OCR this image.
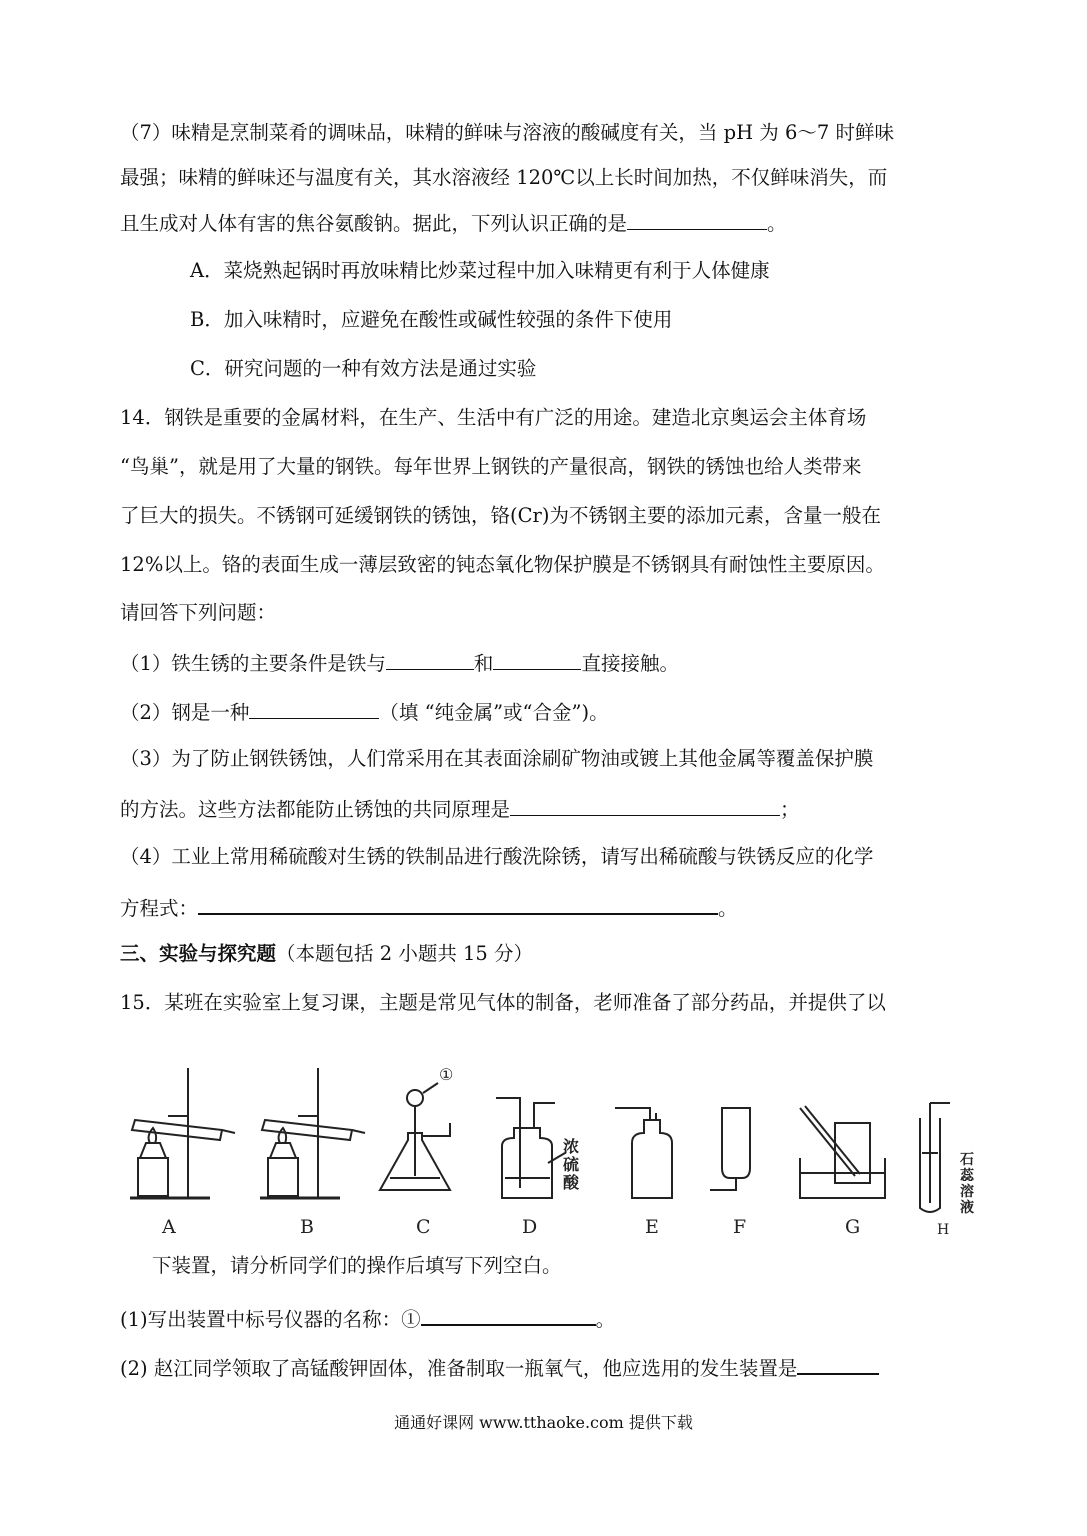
（7）味精是烹制菜肴的调味品，味精的鲜味与溶液的酸碱度有关，当 pH 为 6～7 时鲜味
最强；味精的鲜味还与温度有关，其水溶液经 120℃以上长时间加热，不仅鲜味消失，而
且生成对人体有害的焦谷氨酸钠。据此，下列认识正确的是	。
A．菜烧熟起锅时再放味精比炒菜过程中加入味精更有利于人体健康
B．加入味精时，应避免在酸性或碱性较强的条件下使用
C．研究问题的一种有效方法是通过实验
14．钢铁是重要的金属材料，在生产、生活中有广泛的用途。建造北京奥运会主体育场
“鸟巢”，就是用了大量的钢铁。每年世界上钢铁的产量很高，钢铁的锈蚀也给人类带来
了巨大的损失。不锈钢可延缓钢铁的锈蚀，铬(Cr)为不锈钢主要的添加元素，含量一般在
12%以上。铬的表面生成一薄层致密的钝态氧化物保护膜是不锈钢具有耐蚀性主要原因。
请回答下列问题：
（1）铁生锈的主要条件是铁与	和	直接接触。
（2）钢是一种	（填 “纯金属”或“合金”)。
（3）为了防止钢铁锈蚀，人们常采用在其表面涂刷矿物油或镀上其他金属等覆盖保护膜
的方法。这些方法都能防止锈蚀的共同原理是	；
（4）工业上常用稀硫酸对生锈的铁制品进行酸洗除锈，请写出稀硫酸与铁锈反应的化学
方程式：	。
三、实验与探究题（本题包括 2 小题共 15 分）
15．某班在实验室上复习课，主题是常见气体的制备，老师准备了部分药品，并提供了以
①
浓硫酸
石蕊溶液
A	B	C	D	E	F	G	H
下装置，请分析同学们的操作后填写下列空白。
(1)写出装置中标号仪器的名称：①	。
(2) 赵江同学领取了高锰酸钾固体，准备制取一瓶氧气，他应选用的发生装置是
通通好课网 www.tthaoke.com 提供下载
